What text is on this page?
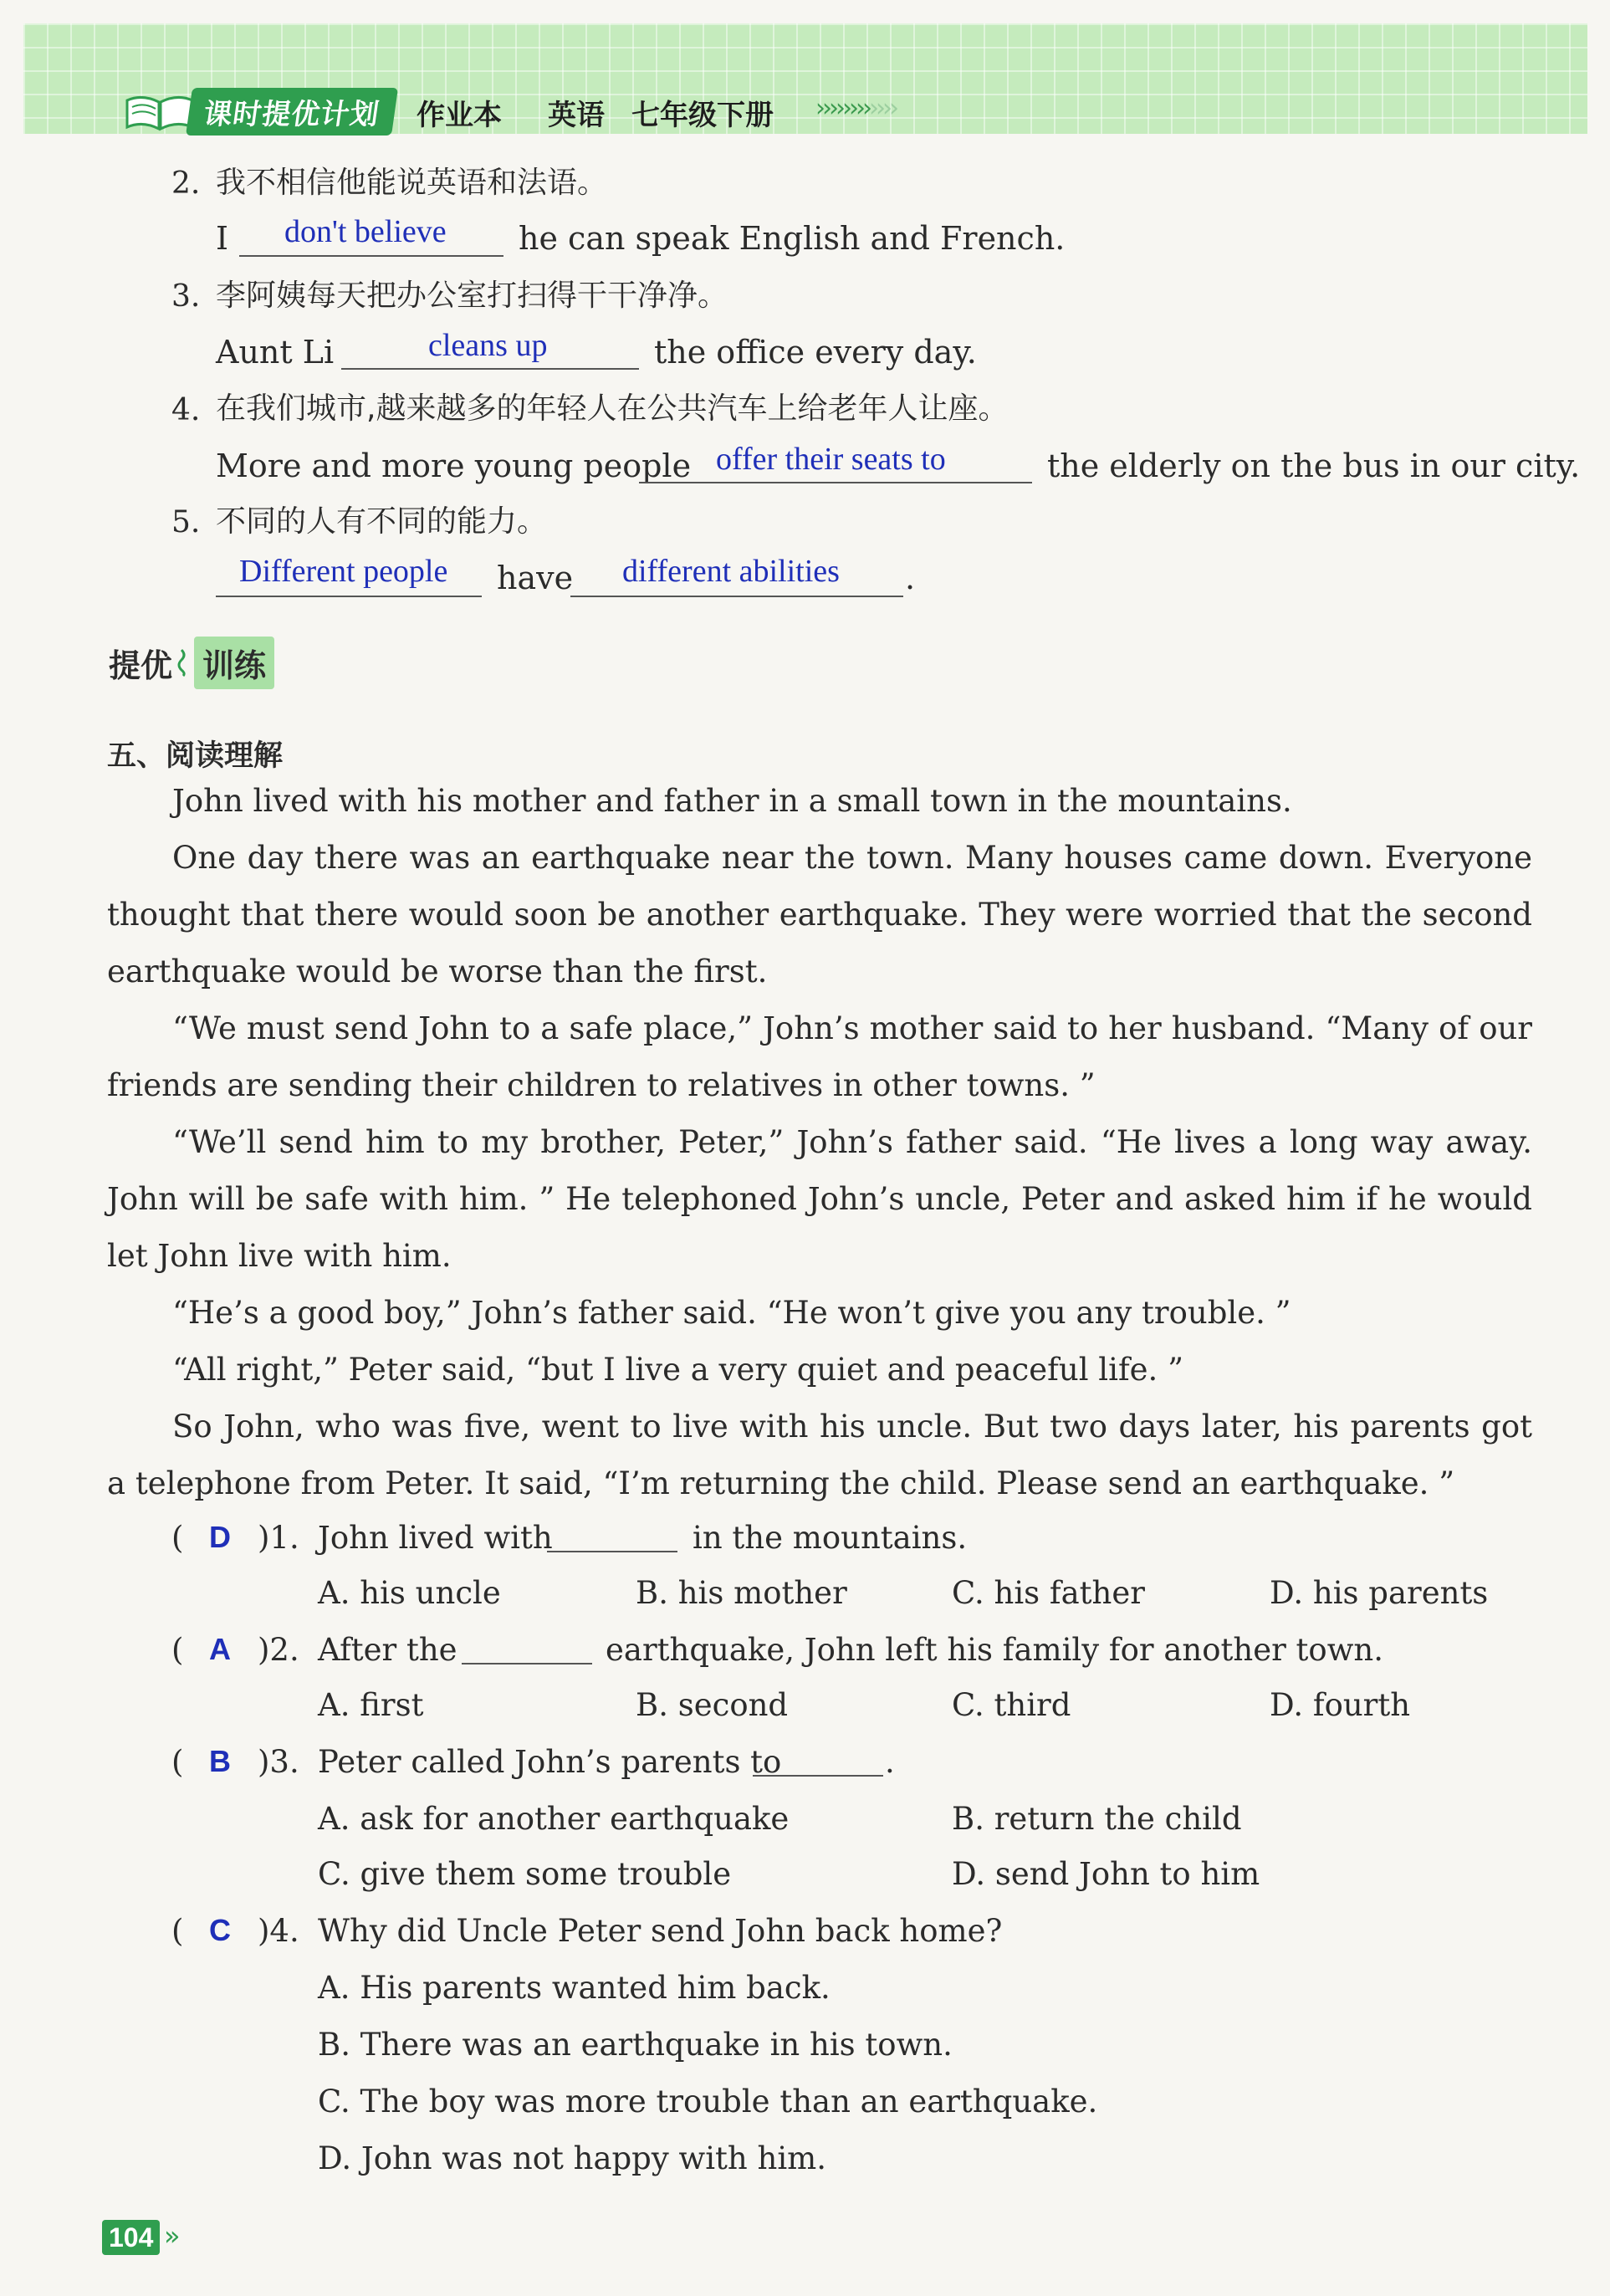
课时提优计划	作业本 英语 七年级下册 ››››››››››››
2. 我不相信他能说英语和法语。
I don't believe he can speak English and French.
3. 李阿姨每天把办公室打扫得干干净净。
Aunt Li	cleans up	the office every day.
4. 在我们城市,越来越多的年轻人在公共汽车上给老年人让座。
More and more young people offer their seats to	the elderly on the bus in our city.
5. 不同的人有不同的能力。
Different people have different abilities .
提优 训练
五、阅读理解

John lived with his mother and father in a small town in the mountains.

One day there was an earthquake near the town. Many houses came down. Everyone thought that there would soon be another earthquake. They were worried that the second earthquake would be worse than the first.

“We must send John to a safe place,” John’s mother said to her husband. “Many of our friends are sending their children to relatives in other towns. ”

“We’ll send him to my brother, Peter,” John’s father said. “He lives a long way away. John will be safe with him. ” He telephoned John’s uncle, Peter and asked him if he would let John live with him.

“He’s a good boy,” John’s father said. “He won’t give you any trouble. ”

“All right,” Peter said, “but I live a very quiet and peaceful life. ”

So John, who was five, went to live with his uncle. But two days later, his parents got a telephone from Peter. It said, “I’m returning the child. Please send an earthquake. ”

( D )1. John lived with	in the mountains.
A. his uncle	B. his mother	C. his father	D. his parents
( A )2. After the	earthquake, John left his family for another town.
A. first	B. second	C. third	D. fourth
( B )3. Peter called John’s parents to	.
A. ask for another earthquake	B. return the child
C. give them some trouble	D. send John to him
( C )4. Why did Uncle Peter send John back home?
A. His parents wanted him back.
B. There was an earthquake in his town.
C. The boy was more trouble than an earthquake.
D. John was not happy with him.
104 ››
